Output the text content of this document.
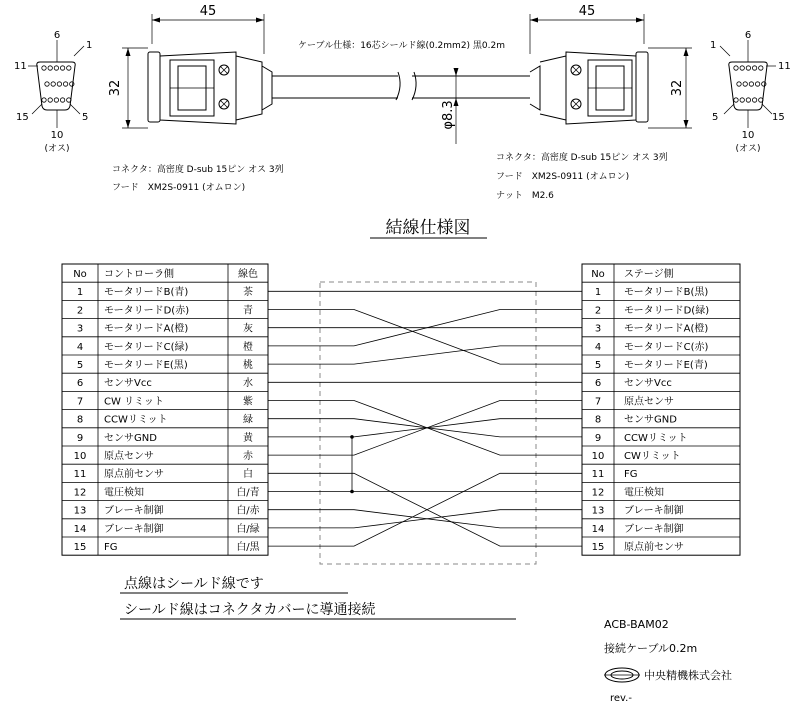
45
32
ケーブル仕様：16芯シールド線(0.2mm2) 黒0.2m
φ8.3
45
32
6
1
11
15	5
10
(オス)
6
1
11
15
5
10
(オス)
コネクタ：高密度 D-sub 15ピン オス 3列
フード　XM2S-0911 (オムロン)
コネクタ：高密度 D-sub 15ピン オス 3列
フード　XM2S-0911 (オムロン)
ナット　M2.6
結線仕様図
No コントローラ側	線色
1 モータリードB(青)	茶
2 モータリードD(赤)	青
3 モータリードA(橙)	灰
4 モータリードC(緑)	橙
5 モータリードE(黒)	桃
6 センサVcc	水
7 CW リミット	紫
8 CCWリミット	緑
9 センサGND	黄
10 原点センサ	赤
11 原点前センサ	白
12 電圧検知	白/青
13 ブレーキ制御	白/赤
14 ブレーキ制御	白/緑
15 FG	白/黒
No ステージ側
1 モータリードB(黒)
2 モータリードD(緑)
3 モータリードA(橙)
4 モータリードC(赤)
5 モータリードE(青)
6 センサVcc
7 原点センサ
8 センサGND
9 CCWリミット
10 CWリミット
11 FG
12 電圧検知
13 ブレーキ制御
14 ブレーキ制御
15 原点前センサ
点線はシールド線です
シールド線はコネクタカバーに導通接続
ACB-BAM02
接続ケーブル0.2m
中央精機株式会社
rev.-
